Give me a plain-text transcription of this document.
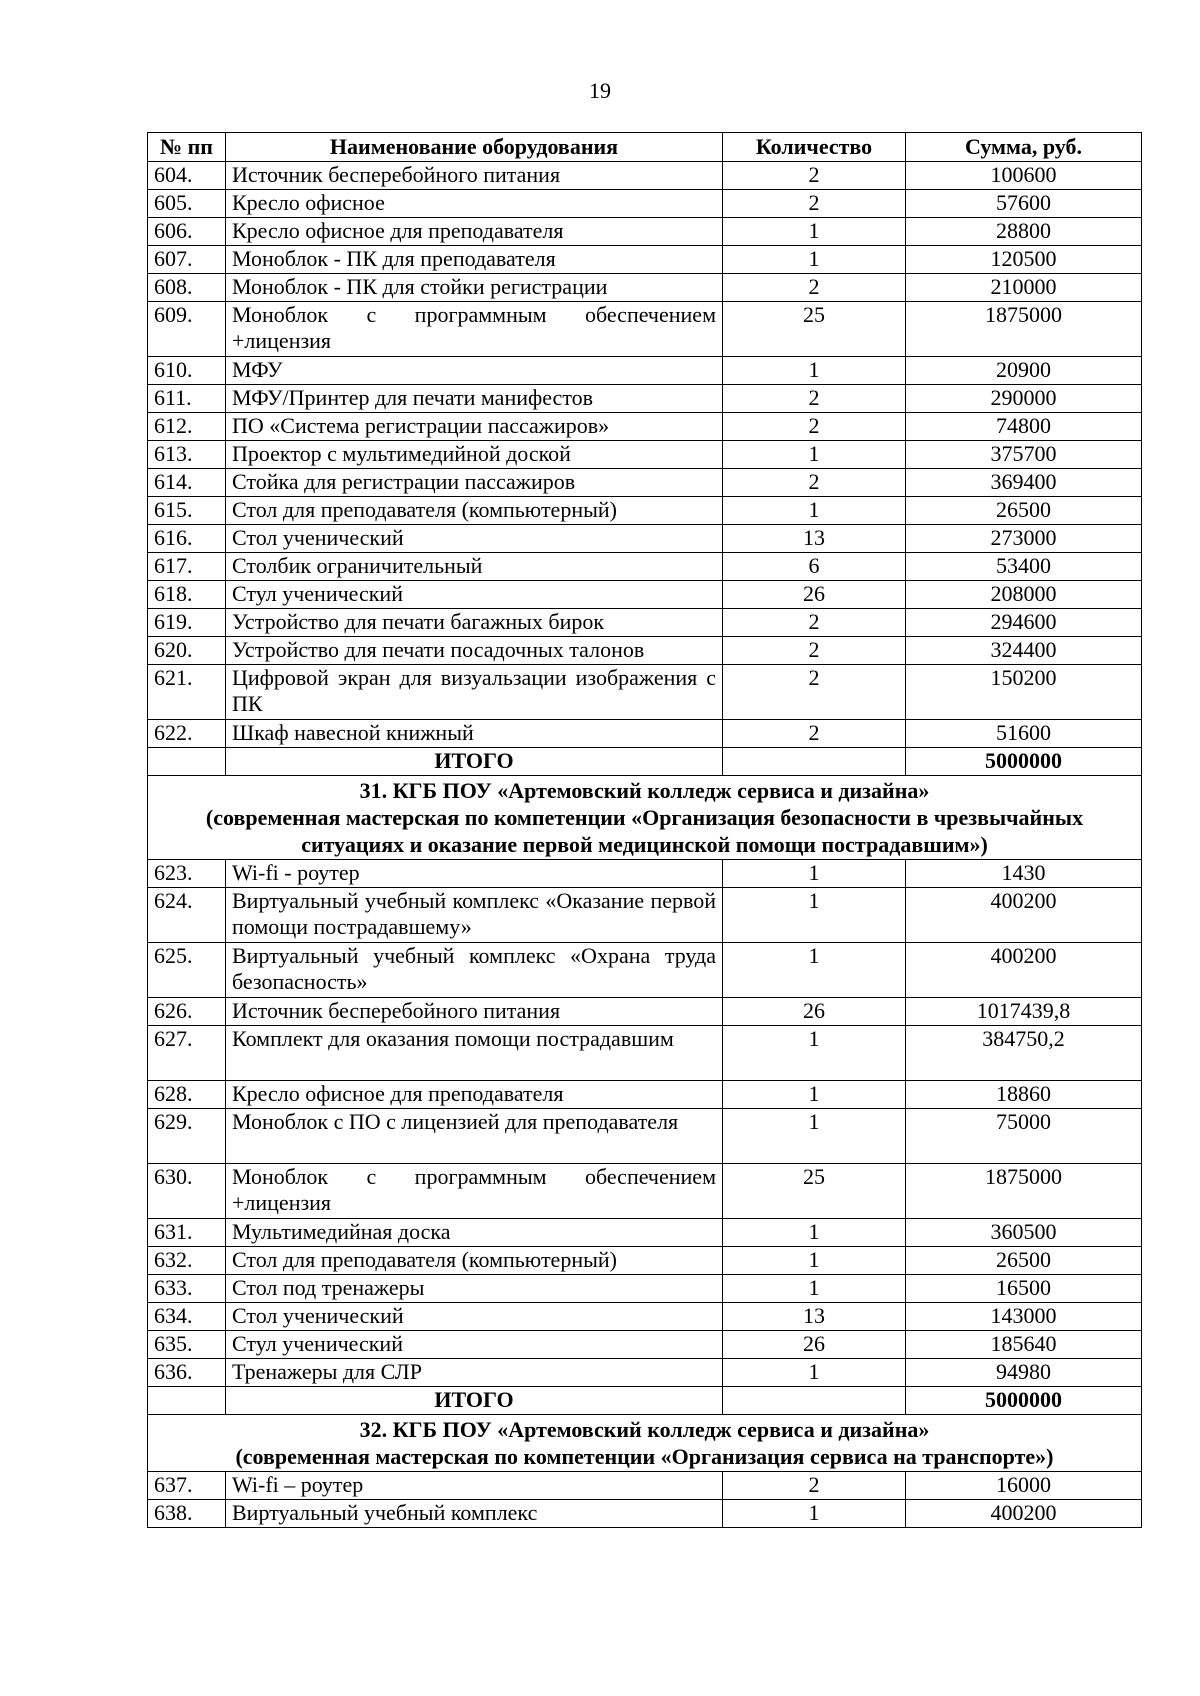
19
№ пп	Наименование оборудования	Количество	Сумма, руб.
604.	Источник бесперебойного питания	2	100600
605.	Кресло офисное	2	57600
606.	Кресло офисное для преподавателя	1	28800
607.	Моноблок - ПК для преподавателя	1	120500
608.	Моноблок - ПК для стойки регистрации	2	210000
609.	Моноблок с программным обеспечением +лицензия	25	1875000
610.	МФУ	1	20900
611.	МФУ/Принтер для печати манифестов	2	290000
612.	ПО «Система регистрации пассажиров»	2	74800
613.	Проектор с мультимедийной доской	1	375700
614.	Стойка для регистрации пассажиров	2	369400
615.	Стол для преподавателя (компьютерный)	1	26500
616.	Стол ученический	13	273000
617.	Столбик ограничительный	6	53400
618.	Стул ученический	26	208000
619.	Устройство для печати багажных бирок	2	294600
620.	Устройство для печати посадочных талонов	2	324400
621.	Цифровой экран для визуальзации изображения с ПК	2	150200
622.	Шкаф навесной книжный	2	51600
	ИТОГО		5000000

31. КГБ ПОУ «Артемовский колледж сервиса и дизайна»
(современная мастерская по компетенции «Организация безопасности в чрезвычайных ситуациях и оказание первой медицинской помощи пострадавшим»)			

623.	Wi-fi - роутер	1	1430
624.	Виртуальный учебный комплекс «Оказание первой помощи пострадавшему»	1	400200
625.	Виртуальный учебный комплекс «Охрана труда безопасность»	1	400200
626.	Источник бесперебойного питания	26	1017439,8
627.	Комплект для оказания помощи пострадавшим	1	384750,2
628.	Кресло офисное для преподавателя	1	18860
629.	Моноблок с ПО с лицензией для преподавателя	1	75000
630.	Моноблок с программным обеспечением +лицензия	25	1875000
631.	Мультимедийная доска	1	360500
632.	Стол для преподавателя (компьютерный)	1	26500
633.	Стол под тренажеры	1	16500
634.	Стол ученический	13	143000
635.	Стул ученический	26	185640
636.	Тренажеры для СЛР	1	94980
	ИТОГО		5000000

32. КГБ ПОУ «Артемовский колледж сервиса и дизайна»
(современная мастерская по компетенции «Организация сервиса на транспорте»)			

637.	Wi-fi – роутер	2	16000
638.	Виртуальный учебный комплекс	1	400200
